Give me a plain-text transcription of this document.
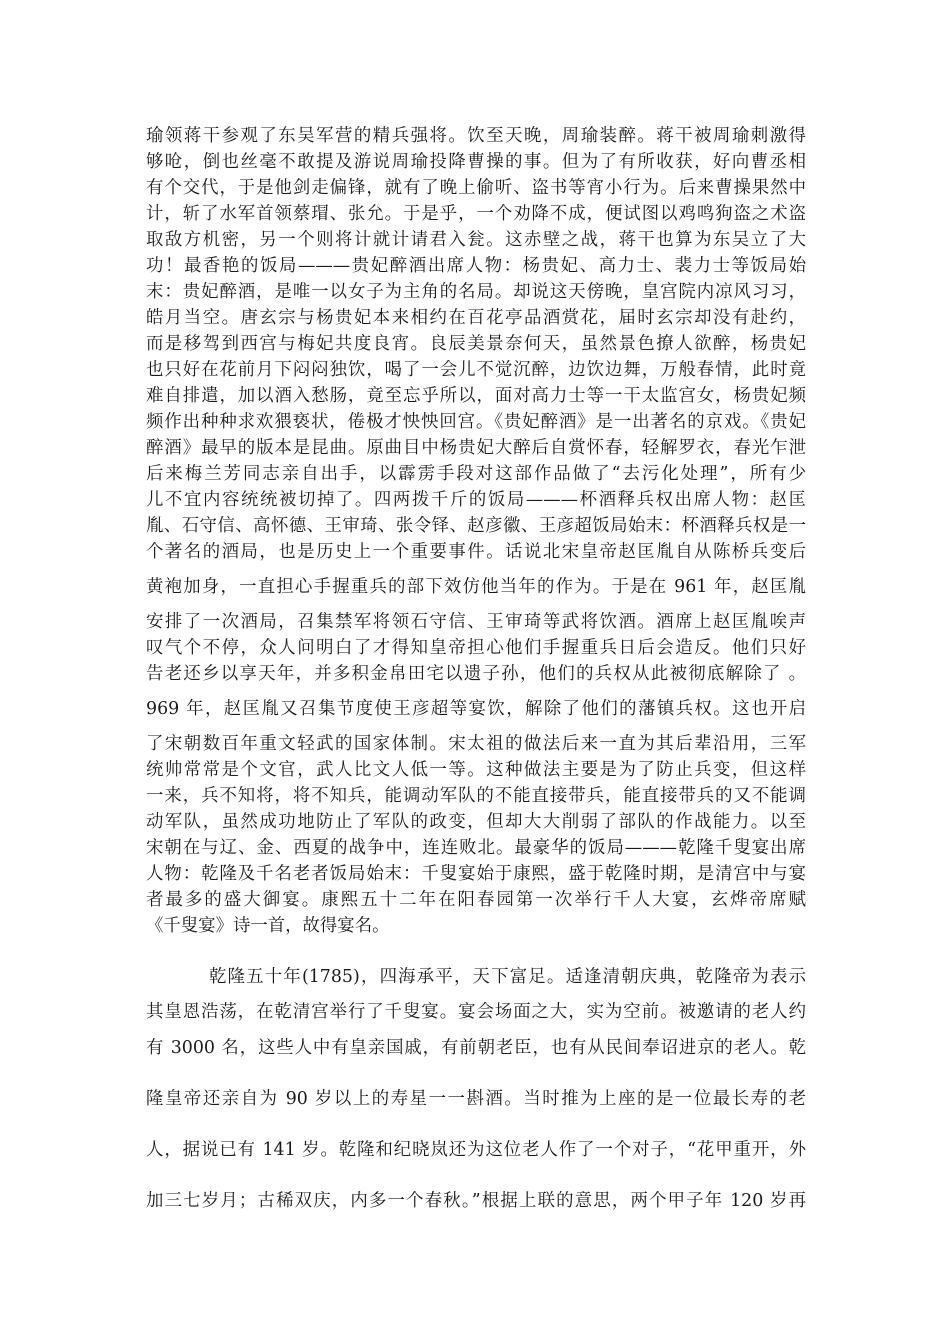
瑜领蒋干参观了东吴军营的精兵强将。饮至天晚，周瑜装醉。蒋干被周瑜刺激得
够呛，倒也丝毫不敢提及游说周瑜投降曹操的事。但为了有所收获，好向曹丞相
有个交代，于是他剑走偏锋，就有了晚上偷听、盗书等宵小行为。后来曹操果然中
计，斩了水军首领蔡瑁、张允。于是乎，一个劝降不成，便试图以鸡鸣狗盗之术盗
取敌方机密，另一个则将计就计请君入瓮。这赤壁之战，蒋干也算为东吴立了大
功！最香艳的饭局———贵妃醉酒出席人物：杨贵妃、高力士、裴力士等饭局始
末：贵妃醉酒，是唯一以女子为主角的名局。却说这天傍晚，皇宫院内凉风习习，
皓月当空。唐玄宗与杨贵妃本来相约在百花亭品酒赏花，届时玄宗却没有赴约，
而是移驾到西宫与梅妃共度良宵。良辰美景奈何天，虽然景色撩人欲醉，杨贵妃
也只好在花前月下闷闷独饮，喝了一会儿不觉沉醉，边饮边舞，万般春情，此时竟
难自排遣，加以酒入愁肠，竟至忘乎所以，面对高力士等一干太监宫女，杨贵妃频
频作出种种求欢猥亵状，倦极才怏怏回宫。《贵妃醉酒》是一出著名的京戏。《贵妃
醉酒》最早的版本是昆曲。原曲目中杨贵妃大醉后自赏怀春，轻解罗衣，春光乍泄
后来梅兰芳同志亲自出手，以霹雳手段对这部作品做了“去污化处理”，所有少
儿不宜内容统统被切掉了。四两拨千斤的饭局———杯酒释兵权出席人物：赵匡
胤、石守信、高怀德、王审琦、张令铎、赵彦徽、王彦超饭局始末：杯酒释兵权是一
个著名的酒局，也是历史上一个重要事件。话说北宋皇帝赵匡胤自从陈桥兵变后
黄袍加身，一直担心手握重兵的部下效仿他当年的作为。于是在 961 年，赵匡胤
安排了一次酒局，召集禁军将领石守信、王审琦等武将饮酒。酒席上赵匡胤唉声
叹气个不停，众人问明白了才得知皇帝担心他们手握重兵日后会造反。他们只好
告老还乡以享天年，并多积金帛田宅以遗子孙，他们的兵权从此被彻底解除了 。
969 年，赵匡胤又召集节度使王彦超等宴饮，解除了他们的藩镇兵权。这也开启
了宋朝数百年重文轻武的国家体制。宋太祖的做法后来一直为其后辈沿用，三军
统帅常常是个文官，武人比文人低一等。这种做法主要是为了防止兵变，但这样
一来，兵不知将，将不知兵，能调动军队的不能直接带兵，能直接带兵的又不能调
动军队，虽然成功地防止了军队的政变，但却大大削弱了部队的作战能力。以至
宋朝在与辽、金、西夏的战争中，连连败北。最豪华的饭局———乾隆千叟宴出席
人物：乾隆及千名老者饭局始末：千叟宴始于康熙，盛于乾隆时期，是清宫中与宴
者最多的盛大御宴。康熙五十二年在阳春园第一次举行千人大宴，玄烨帝席赋
《千叟宴》诗一首，故得宴名。
乾隆五十年(1785)，四海承平，天下富足。适逢清朝庆典，乾隆帝为表示
其皇恩浩荡，在乾清宫举行了千叟宴。宴会场面之大，实为空前。被邀请的老人约
有 3000 名，这些人中有皇亲国戚，有前朝老臣，也有从民间奉诏进京的老人。乾
隆皇帝还亲自为 90 岁以上的寿星一一斟酒。当时推为上座的是一位最长寿的老
人，据说已有 141 岁。乾隆和纪晓岚还为这位老人作了一个对子，“花甲重开，外
加三七岁月；古稀双庆，内多一个春秋。”根据上联的意思，两个甲子年 120 岁再
